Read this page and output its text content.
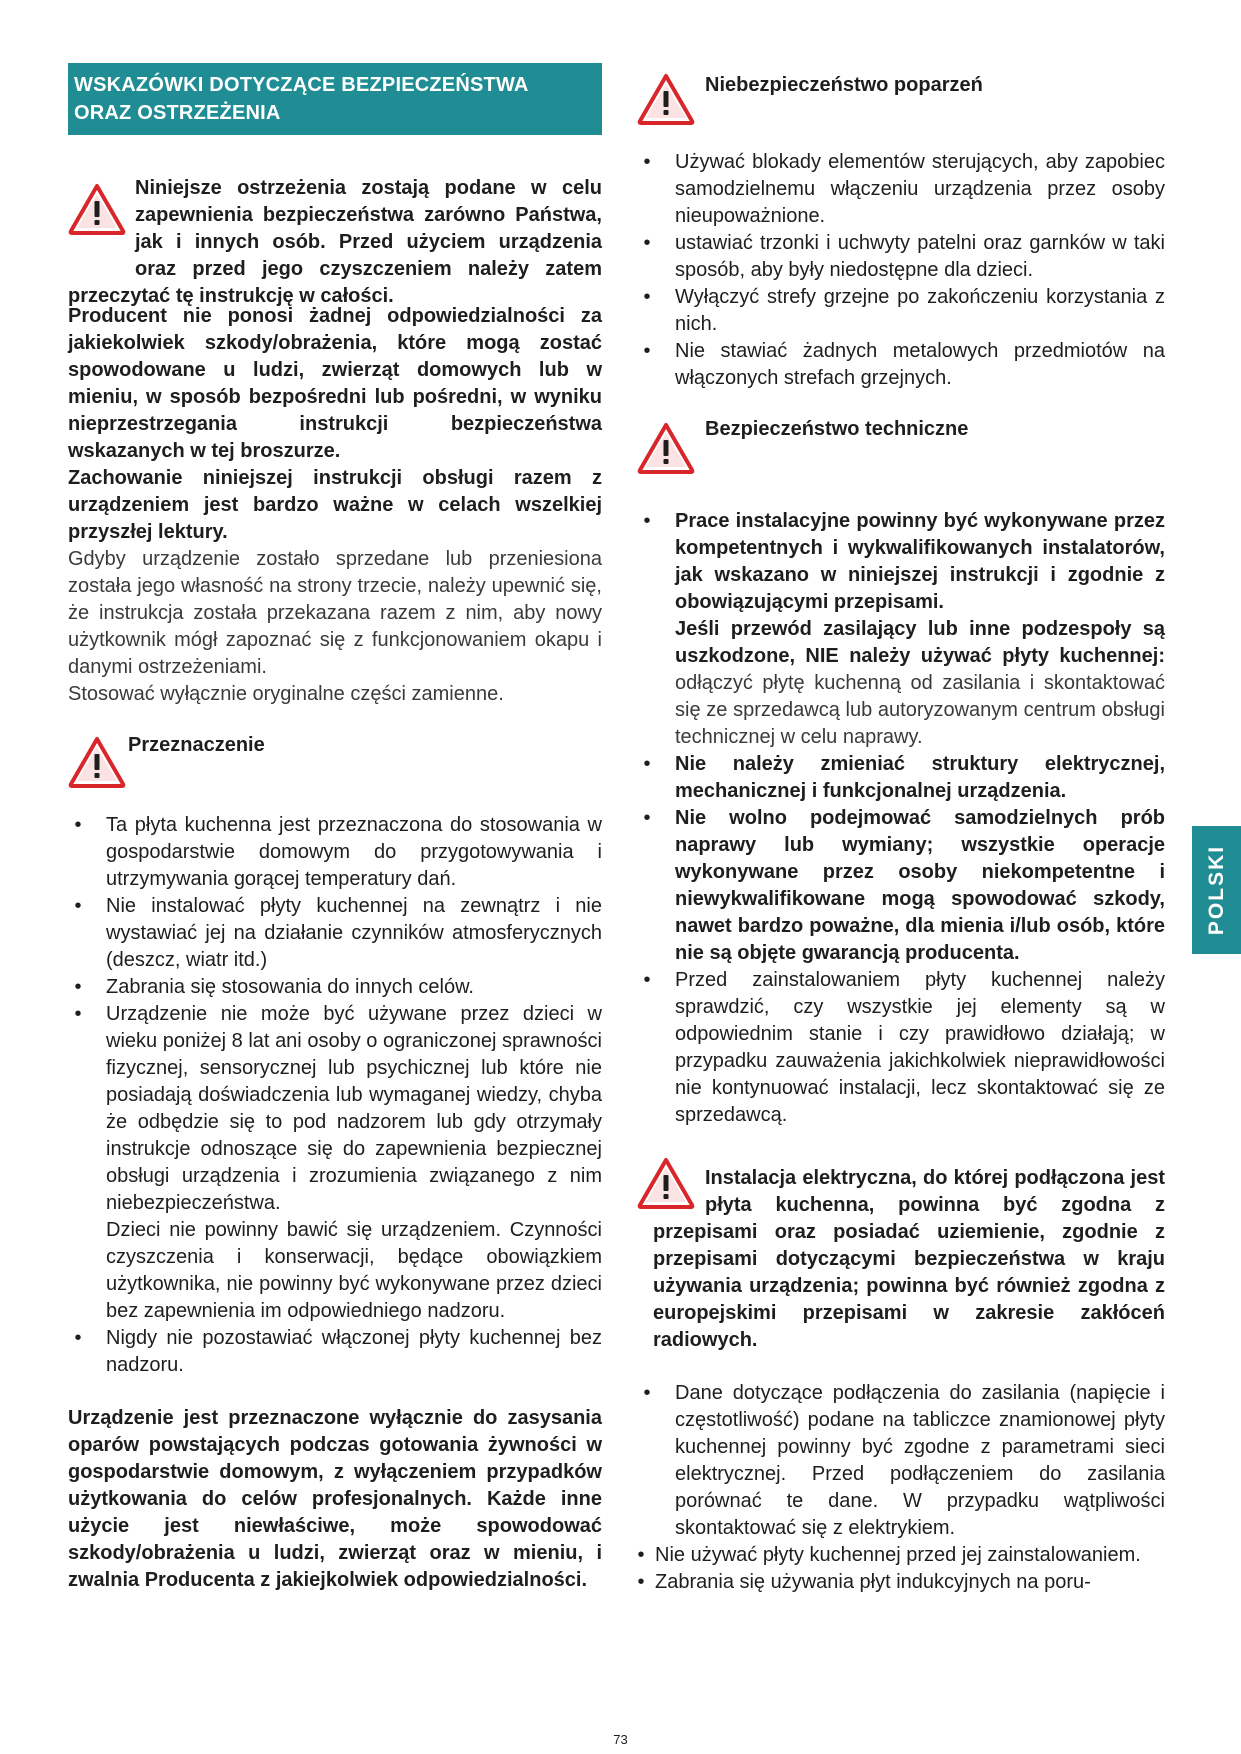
WSKAZÓWKI DOTYCZĄCE BEZPIECZEŃSTWA
ORAZ OSTRZEŻENIA

Niniejsze ostrzeżenia zostają podane w celu zapewnienia bezpieczeństwa zarówno Państwa, jak i innych osób. Przed użyciem urządzenia oraz przed jego czyszczeniem należy zatem przeczytać tę instrukcję w całości.

Producent nie ponosi żadnej odpowiedzialności za jakiekolwiek szkody/obrażenia, które mogą zostać spowodowane u ludzi, zwierząt domowych lub w mieniu, w sposób bezpośredni lub pośredni, w wyniku nieprzestrzegania instrukcji bezpieczeństwa wskazanych w tej broszurze.

Zachowanie niniejszej instrukcji obsługi razem z urządzeniem jest bardzo ważne w celach wszelkiej przyszłej lektury.

Gdyby urządzenie zostało sprzedane lub przeniesiona została jego własność na strony trzecie, należy upewnić się, że instrukcja została przekazana razem z nim, aby nowy użytkownik mógł zapoznać się z funkcjonowaniem okapu i danymi ostrzeżeniami.

Stosować wyłącznie oryginalne części zamienne.

Przeznaczenie
• Ta płyta kuchenna jest przeznaczona do stosowania w gospodarstwie domowym do przygotowywania i utrzymywania gorącej temperatury dań.
• Nie instalować płyty kuchennej na zewnątrz i nie wystawiać jej na działanie czynników atmosferycznych (deszcz, wiatr itd.)
• Zabrania się stosowania do innych celów.
• Urządzenie nie może być używane przez dzieci w wieku poniżej 8 lat ani osoby o ograniczonej sprawności fizycznej, sensorycznej lub psychicznej lub które nie posiadają doświadczenia lub wymaganej wiedzy, chyba że odbędzie się to pod nadzorem lub gdy otrzymały instrukcje odnoszące się do zapewnienia bezpiecznej obsługi urządzenia i zrozumienia związanego z nim niebezpieczeństwa.
Dzieci nie powinny bawić się urządzeniem. Czynności czyszczenia i konserwacji, będące obowiązkiem użytkownika, nie powinny być wykonywane przez dzieci bez zapewnienia im odpowiedniego nadzoru.
• Nigdy nie pozostawiać włączonej płyty kuchennej bez nadzoru.

Urządzenie jest przeznaczone wyłącznie do zasysania oparów powstających podczas gotowania żywności w gospodarstwie domowym, z wyłączeniem przypadków użytkowania do celów profesjonalnych. Każde inne użycie jest niewłaściwe, może spowodować szkody/obrażenia u ludzi, zwierząt oraz w mieniu, i zwalnia Producenta z jakiejkolwiek odpowiedzialności.

Niebezpieczeństwo poparzeń
• Używać blokady elementów sterujących, aby zapobiec samodzielnemu włączeniu urządzenia przez osoby nieupoważnione.
• ustawiać trzonki i uchwyty patelni oraz garnków w taki sposób, aby były niedostępne dla dzieci.
• Wyłączyć strefy grzejne po zakończeniu korzystania z nich.
• Nie stawiać żadnych metalowych przedmiotów na włączonych strefach grzejnych.
Bezpieczeństwo techniczne
• Prace instalacyjne powinny być wykonywane przez kompetentnych i wykwalifikowanych instalatorów, jak wskazano w niniejszej instrukcji i zgodnie z obowiązującymi przepisami.
Jeśli przewód zasilający lub inne podzespoły są uszkodzone, NIE należy używać płyty kuchennej: odłączyć płytę kuchenną od zasilania i skontaktować się ze sprzedawcą lub autoryzowanym centrum obsługi technicznej w celu naprawy.
• Nie należy zmieniać struktury elektrycznej, mechanicznej i funkcjonalnej urządzenia.
• Nie wolno podejmować samodzielnych prób naprawy lub wymiany; wszystkie operacje wykonywane przez osoby niekompetentne i niewykwalifikowane mogą spowodować szkody, nawet bardzo poważne, dla mienia i/lub osób, które nie są objęte gwarancją producenta.
• Przed zainstalowaniem płyty kuchennej należy sprawdzić, czy wszystkie jej elementy są w odpowiednim stanie i czy prawidłowo działają; w przypadku zauważenia jakichkolwiek nieprawidłowości nie kontynuować instalacji, lecz skontaktować się ze sprzedawcą.

Instalacja elektryczna, do której podłączona jest płyta kuchenna, powinna być zgodna z przepisami oraz posiadać uziemienie, zgodnie z przepisami dotyczącymi bezpieczeństwa w kraju używania urządzenia; powinna być również zgodna z europejskimi przepisami w zakresie zakłóceń radiowych.

• Dane dotyczące podłączenia do zasilania (napięcie i częstotliwość) podane na tabliczce znamionowej płyty kuchennej powinny być zgodne z parametrami sieci elektrycznej. Przed podłączeniem do zasilania porównać te dane. W przypadku wątpliwości skontaktować się z elektrykiem.
• Nie używać płyty kuchennej przed jej zainstalowaniem.
• Zabrania się używania płyt indukcyjnych na poru-
POLSKI
73
